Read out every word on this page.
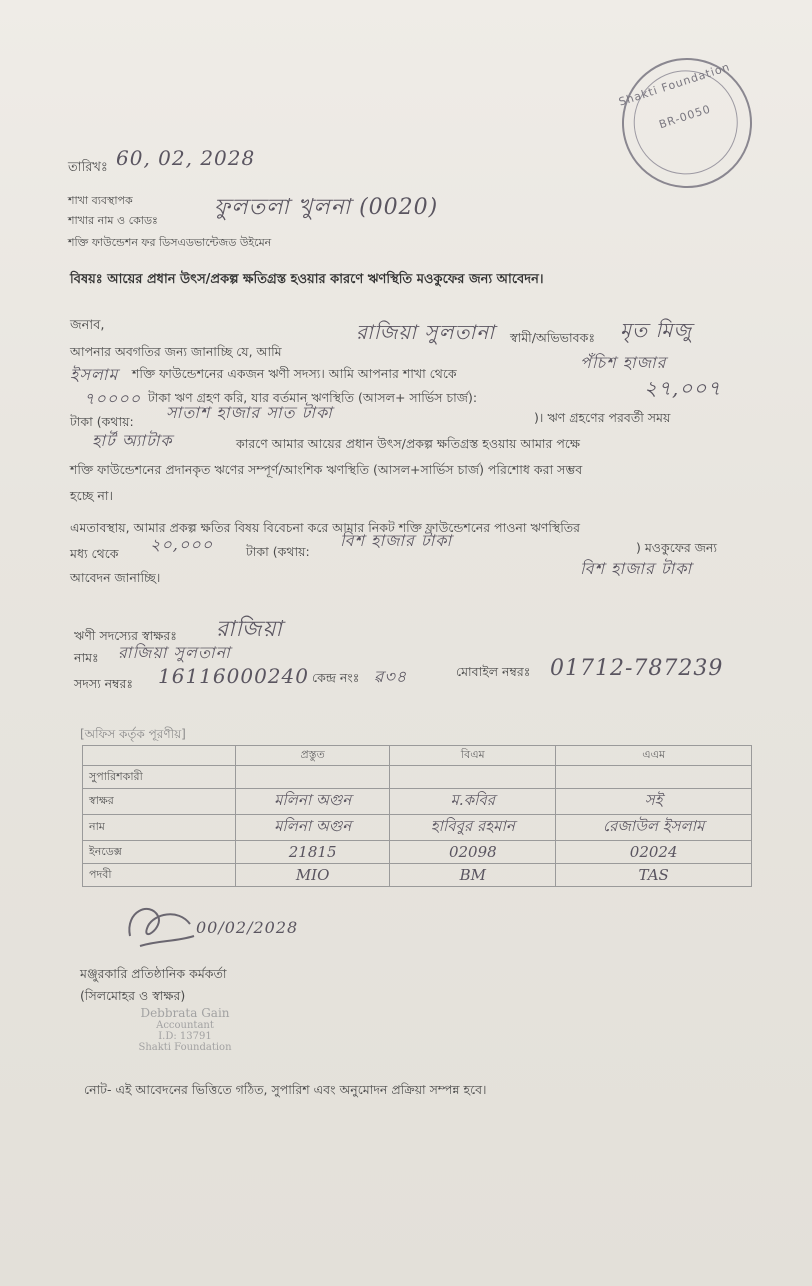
Shakti Foundation
BR-0050
তারিখঃ 60, 02, 2028
শাখা ব্যবস্থাপক
শাখার নাম ও কোডঃ
ফুলতলা খুলনা (0020)
শক্তি ফাউন্ডেশন ফর ডিসএডভান্টেজড উইমেন
বিষয়ঃ আয়ের প্রধান উৎস/প্রকল্প ক্ষতিগ্রস্ত হওয়ার কারণে ঋণস্থিতি মওকুফের জন্য আবেদন।
জনাব,
আপনার অবগতির জন্য জানাচ্ছি যে, আমি
রাজিয়া সুলতানা স্বামী/অভিভাবকঃ মৃত মিজু
ইসলাম শক্তি ফাউন্ডেশনের একজন ঋণী সদস্য। আমি আপনার শাখা থেকে
পঁচিশ হাজার
৭০০০০ টাকা ঋণ গ্রহণ করি, যার বর্তমান ঋণস্থিতি (আসল+ সার্ভিস চার্জ):	২৭,০০৭
টাকা (কথায়: সাতাশ হাজার সাত টাকা	)। ঋণ গ্রহণের পরবর্তী সময়
হার্ট অ্যাটাক	কারণে আমার আয়ের প্রধান উৎস/প্রকল্প ক্ষতিগ্রস্ত হওয়ায় আমার পক্ষে
শক্তি ফাউন্ডেশনের প্রদানকৃত ঋণের সম্পূর্ণ/আংশিক ঋণস্থিতি (আসল+সার্ভিস চার্জ) পরিশোধ করা সম্ভব
হচ্ছে না।
এমতাবস্থায়, আমার প্রকল্প ক্ষতির বিষয় বিবেচনা করে আমার নিকট শক্তি ফাউন্ডেশনের পাওনা ঋণস্থিতির
মধ্য থেকে ২০,০০০	টাকা (কথায়:
বিশ হাজার টাকা	) মওকুফের জন্য
বিশ হাজার টাকা
আবেদন জানাচ্ছি।
ঋণী সদস্যের স্বাক্ষরঃ রাজিয়া
নামঃ রাজিয়া সুলতানা
সদস্য নম্বরঃ 16116000240 কেন্দ্র নংঃ ৱ৩৪	মোবাইল নম্বরঃ 01712-787239
[অফিস কর্তৃক পূরণীয়]
	প্রস্তুত	বিএম	এএম
সুপারিশকারী			
স্বাক্ষর	মলিনা অগুন	ম.কবির	সই
নাম	মলিনা অগুন	হাবিবুর রহমান	রেজাউল ইসলাম
ইনডেক্স	21815	02098	02024
পদবী	MIO	BM	TAS
00/02/2028
মঞ্জুরকারি প্রতিষ্ঠানিক কর্মকর্তা
(সিলমোহর ও স্বাক্ষর)
Debbrata Gain
Accountant
I.D: 13791
Shakti Foundation
নোট- এই আবেদনের ভিত্তিতে গঠিত, সুপারিশ এবং অনুমোদন প্রক্রিয়া সম্পন্ন হবে।
